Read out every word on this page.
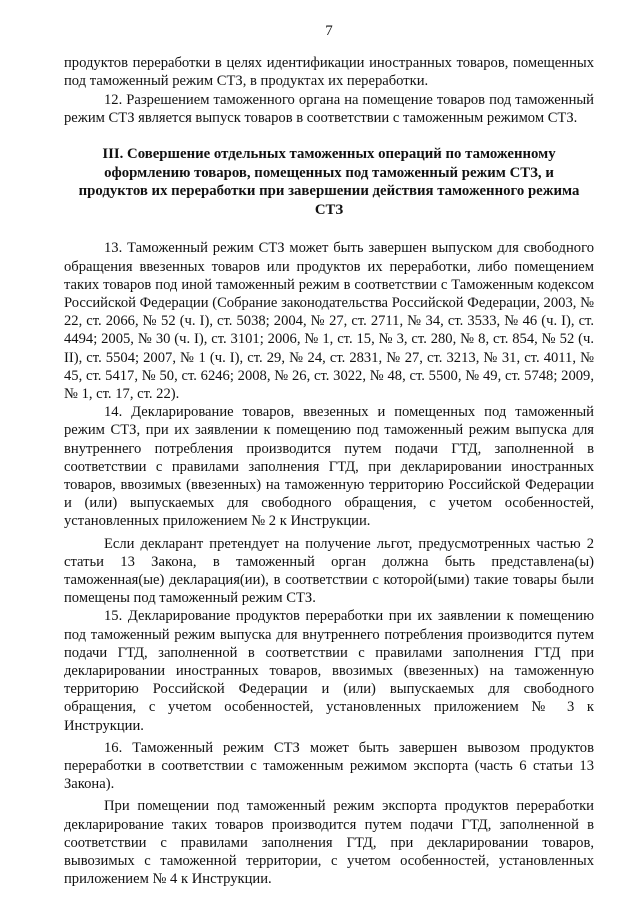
7

продуктов переработки в целях идентификации иностранных товаров, помещенных под таможенный режим СТЗ, в продуктах их переработки.

12. Разрешением таможенного органа на помещение товаров под таможенный режим СТЗ является выпуск товаров в соответствии с таможенным режимом СТЗ.

III. Совершение отдельных таможенных операций по таможенному оформлению товаров, помещенных под таможенный режим СТЗ, и продуктов их переработки при завершении действия таможенного режима СТЗ

13. Таможенный режим СТЗ может быть завершен выпуском для свободного обращения ввезенных товаров или продуктов их переработки, либо помещением таких товаров под иной таможенный режим в соответствии с Таможенным кодексом Российской Федерации (Собрание законодательства Российской Федерации, 2003, № 22, ст. 2066, № 52 (ч. I), ст. 5038; 2004, № 27, ст. 2711, № 34, ст. 3533, № 46 (ч. I), ст. 4494; 2005, № 30 (ч. I), ст. 3101; 2006, № 1, ст. 15, № 3, ст. 280, № 8, ст. 854, № 52 (ч. II), ст. 5504; 2007, № 1 (ч. I), ст. 29, № 24, ст. 2831, № 27, ст. 3213, № 31, ст. 4011, № 45, ст. 5417, № 50, ст. 6246; 2008, № 26, ст. 3022, № 48, ст. 5500, № 49, ст. 5748; 2009, № 1, ст. 17, ст. 22).

14. Декларирование товаров, ввезенных и помещенных под таможенный режим СТЗ, при их заявлении к помещению под таможенный режим выпуска для внутреннего потребления производится путем подачи ГТД, заполненной в соответствии с правилами заполнения ГТД, при декларировании иностранных товаров, ввозимых (ввезенных) на таможенную территорию Российской Федерации и (или) выпускаемых для свободного обращения, с учетом особенностей, установленных приложением № 2 к Инструкции.

Если декларант претендует на получение льгот, предусмотренных частью 2 статьи 13 Закона, в таможенный орган должна быть представлена(ы) таможенная(ые) декларация(ии), в соответствии с которой(ыми) такие товары были помещены под таможенный режим СТЗ.

15. Декларирование продуктов переработки при их заявлении к помещению под таможенный режим выпуска для внутреннего потребления производится путем подачи ГТД, заполненной в соответствии с правилами заполнения ГТД при декларировании иностранных товаров, ввозимых (ввезенных) на таможенную территорию Российской Федерации и (или) выпускаемых для свободного обращения, с учетом особенностей, установленных приложением № 3 к Инструкции.

16. Таможенный режим СТЗ может быть завершен вывозом продуктов переработки в соответствии с таможенным режимом экспорта (часть 6 статьи 13 Закона).

При помещении под таможенный режим экспорта продуктов переработки декларирование таких товаров производится путем подачи ГТД, заполненной в соответствии с правилами заполнения ГТД, при декларировании товаров, вывозимых с таможенной территории, с учетом особенностей, установленных приложением № 4 к Инструкции.
